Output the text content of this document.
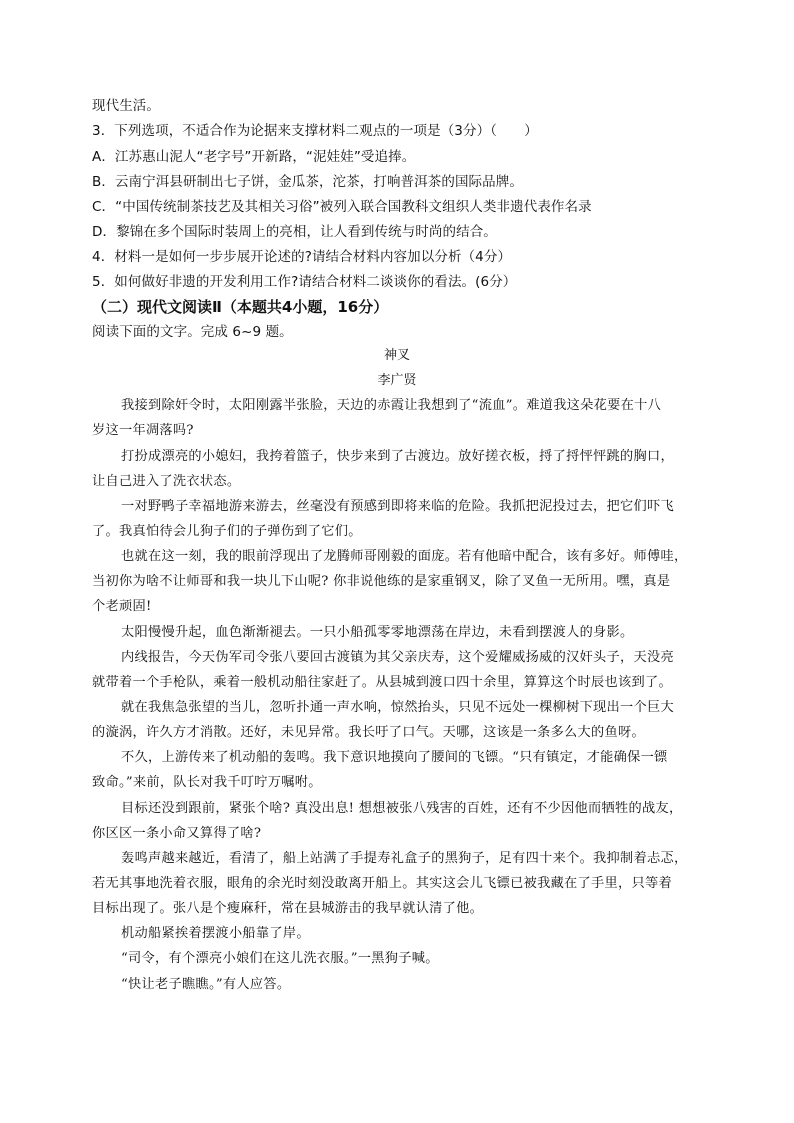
现代生活。
3．下列选项，不适合作为论据来支撑材料二观点的一项是（3分）（　　）
A．江苏惠山泥人“老字号”开新路，“泥娃娃”受追捧。
B．云南宁洱县研制出七子饼，金瓜茶，沱茶，打响普洱茶的国际品牌。
C．“中国传统制茶技艺及其相关习俗”被列入联合国教科文组织人类非遗代表作名录
D．黎锦在多个国际时装周上的亮相，让人看到传统与时尚的结合。
4．材料一是如何一步步展开论述的?请结合材料内容加以分析（4分）
5．如何做好非遗的开发利用工作?请结合材料二谈谈你的看法。(6分）
（二）现代文阅读Ⅱ（本题共4小题，16分）
阅读下面的文字。完成 6~9 题。
神叉
李广贤
我接到除奸令时，太阳刚露半张脸，天边的赤霞让我想到了“流血”。难道我这朵花要在十八
岁这一年凋落吗?
打扮成漂亮的小媳妇，我挎着篮子，快步来到了古渡边。放好搓衣板，捋了捋怦怦跳的胸口，
让自己进入了洗衣状态。
一对野鸭子幸福地游来游去，丝毫没有预感到即将来临的危险。我抓把泥投过去，把它们吓飞
了。我真怕待会儿狗子们的子弹伤到了它们。
也就在这一刻，我的眼前浮现出了龙腾师哥刚毅的面庞。若有他暗中配合，该有多好。师傅哇，
当初你为啥不让师哥和我一块儿下山呢? 你非说他练的是家重钢叉，除了叉鱼一无所用。嘿，真是
个老顽固!
太阳慢慢升起，血色渐渐褪去。一只小船孤零零地漂荡在岸边，未看到摆渡人的身影。
内线报告，今天伪军司令张八要回古渡镇为其父亲庆寿，这个爱耀威扬威的汉奸头子，天没亮
就带着一个手枪队，乘着一般机动船往家赶了。从县城到渡口四十余里，算算这个时辰也该到了。
就在我焦急张望的当儿，忽听扑通一声水响，惊然抬头，只见不远处一棵柳树下现出一个巨大
的漩涡，许久方才消散。还好，未见异常。我长吁了口气。天哪，这该是一条多么大的鱼呀。
不久，上游传来了机动船的轰鸣。我下意识地摸向了腰间的飞镖。“只有镇定，才能确保一镖
致命。”来前，队长对我千叮咛万嘱咐。
目标还没到跟前，紧张个啥? 真没出息! 想想被张八残害的百姓，还有不少因他而牺牲的战友，
你区区一条小命又算得了啥?
轰鸣声越来越近，看清了，船上站满了手提寿礼盒子的黑狗子，足有四十来个。我抑制着忐忑，
若无其事地洗着衣服，眼角的余光时刻没敢离开船上。其实这会儿飞镖已被我藏在了手里，只等着
目标出现了。张八是个瘦麻秆，常在县城游击的我早就认清了他。
机动船紧挨着摆渡小船靠了岸。
“司令，有个漂亮小娘们在这儿洗衣服。”一黑狗子喊。
“快让老子瞧瞧。”有人应答。
